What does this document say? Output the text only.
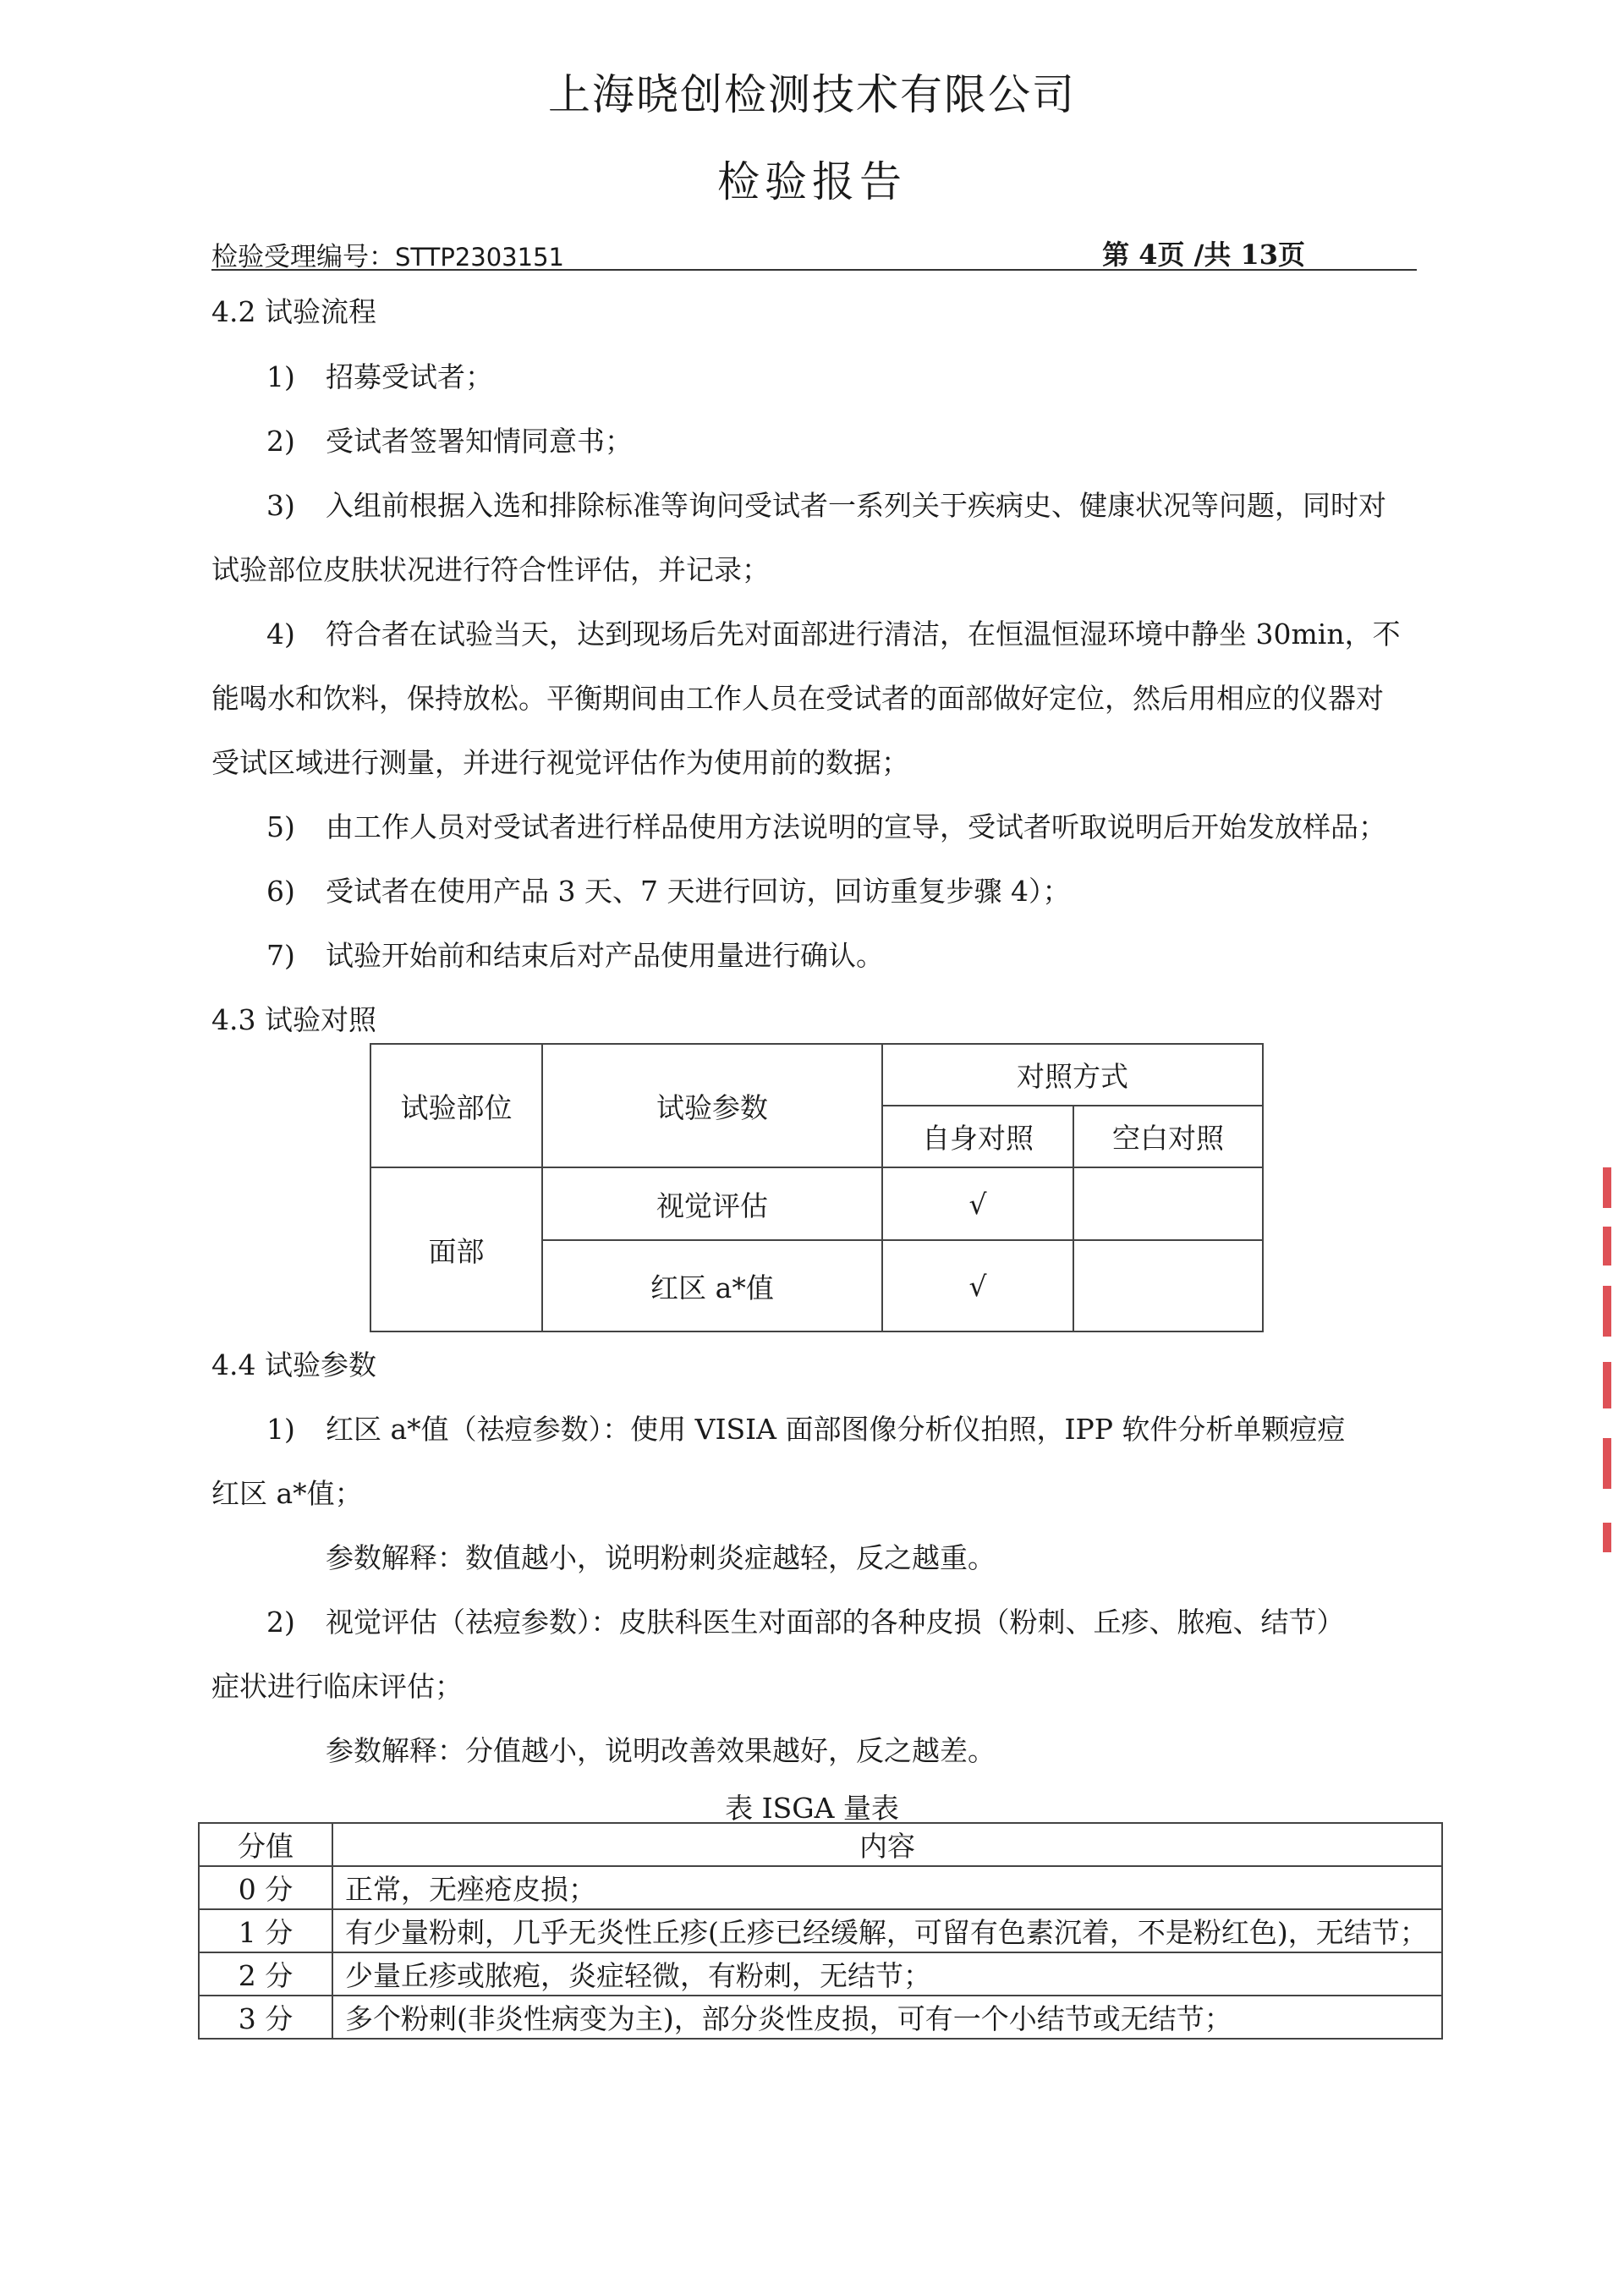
上海晓创检测技术有限公司
检验报告
检验受理编号：STTP2303151	第 4页 /共 13页
4.2 试验流程
1) 招募受试者；
2) 受试者签署知情同意书；
3) 入组前根据入选和排除标准等询问受试者一系列关于疾病史、健康状况等问题，同时对
试验部位皮肤状况进行符合性评估，并记录；
4) 符合者在试验当天，达到现场后先对面部进行清洁，在恒温恒湿环境中静坐 30min，不
能喝水和饮料，保持放松。平衡期间由工作人员在受试者的面部做好定位，然后用相应的仪器对
受试区域进行测量，并进行视觉评估作为使用前的数据；
5) 由工作人员对受试者进行样品使用方法说明的宣导，受试者听取说明后开始发放样品；
6) 受试者在使用产品 3 天、7 天进行回访，回访重复步骤 4）；
7) 试验开始前和结束后对产品使用量进行确认。
4.3 试验对照
试验部位	试验参数	对照方式	
		自身对照	空白对照
面部	视觉评估	√	
	红区 a*值	√	
4.4 试验参数
1) 红区 a*值（祛痘参数）：使用 VISIA 面部图像分析仪拍照，IPP 软件分析单颗痘痘
红区 a*值；
参数解释：数值越小，说明粉刺炎症越轻，反之越重。
2) 视觉评估（祛痘参数）：皮肤科医生对面部的各种皮损（粉刺、丘疹、脓疱、结节）
症状进行临床评估；
参数解释：分值越小，说明改善效果越好，反之越差。
表 ISGA 量表
分值	内容
0 分	正常，无痤疮皮损；
1 分	有少量粉刺，几乎无炎性丘疹(丘疹已经缓解，可留有色素沉着，不是粉红色)，无结节；
2 分	少量丘疹或脓疱，炎症轻微，有粉刺，无结节；
3 分	多个粉刺(非炎性病变为主)，部分炎性皮损，可有一个小结节或无结节；
